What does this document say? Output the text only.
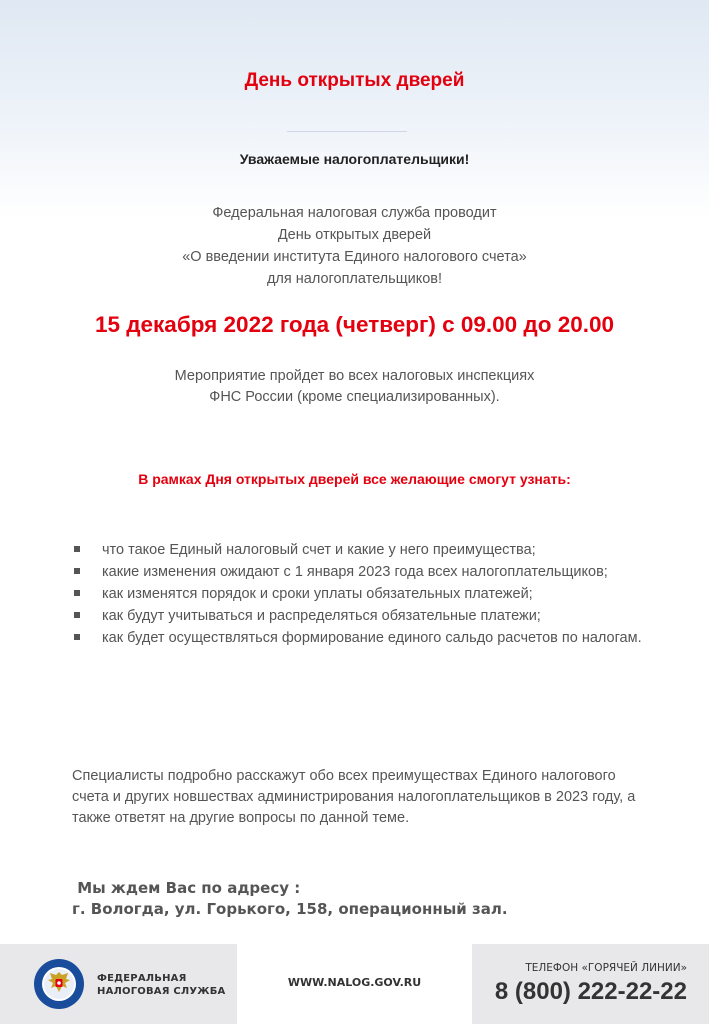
День открытых дверей
Уважаемые налогоплательщики!
Федеральная налоговая служба проводит
День открытых дверей
«О введении института Единого налогового счета»
для налогоплательщиков!
15 декабря 2022 года (четверг) с 09.00 до 20.00
Мероприятие пройдет во всех налоговых инспекциях
ФНС России (кроме специализированных).
В рамках Дня открытых дверей все желающие смогут узнать:
что такое Единый налоговый счет и какие у него преимущества;
какие изменения ожидают с 1 января 2023 года всех налогоплательщиков;
как изменятся порядок и сроки уплаты обязательных платежей;
как будут учитываться и распределяться обязательные платежи;
как будет осуществляться формирование единого сальдо расчетов по налогам.
Специалисты подробно расскажут обо всех преимуществах Единого налогового счета и других новшествах администрирования налогоплательщиков в 2023 году, а также ответят на другие вопросы по данной теме.
Мы ждем Вас по адресу :
г. Вологда, ул. Горького, 158, операционный зал.
ФЕДЕРАЛЬНАЯ
НАЛОГОВАЯ СЛУЖБА
WWW.NALOG.GOV.RU
ТЕЛЕФОН «ГОРЯЧЕЙ ЛИНИИ»
8 (800) 222-22-22
